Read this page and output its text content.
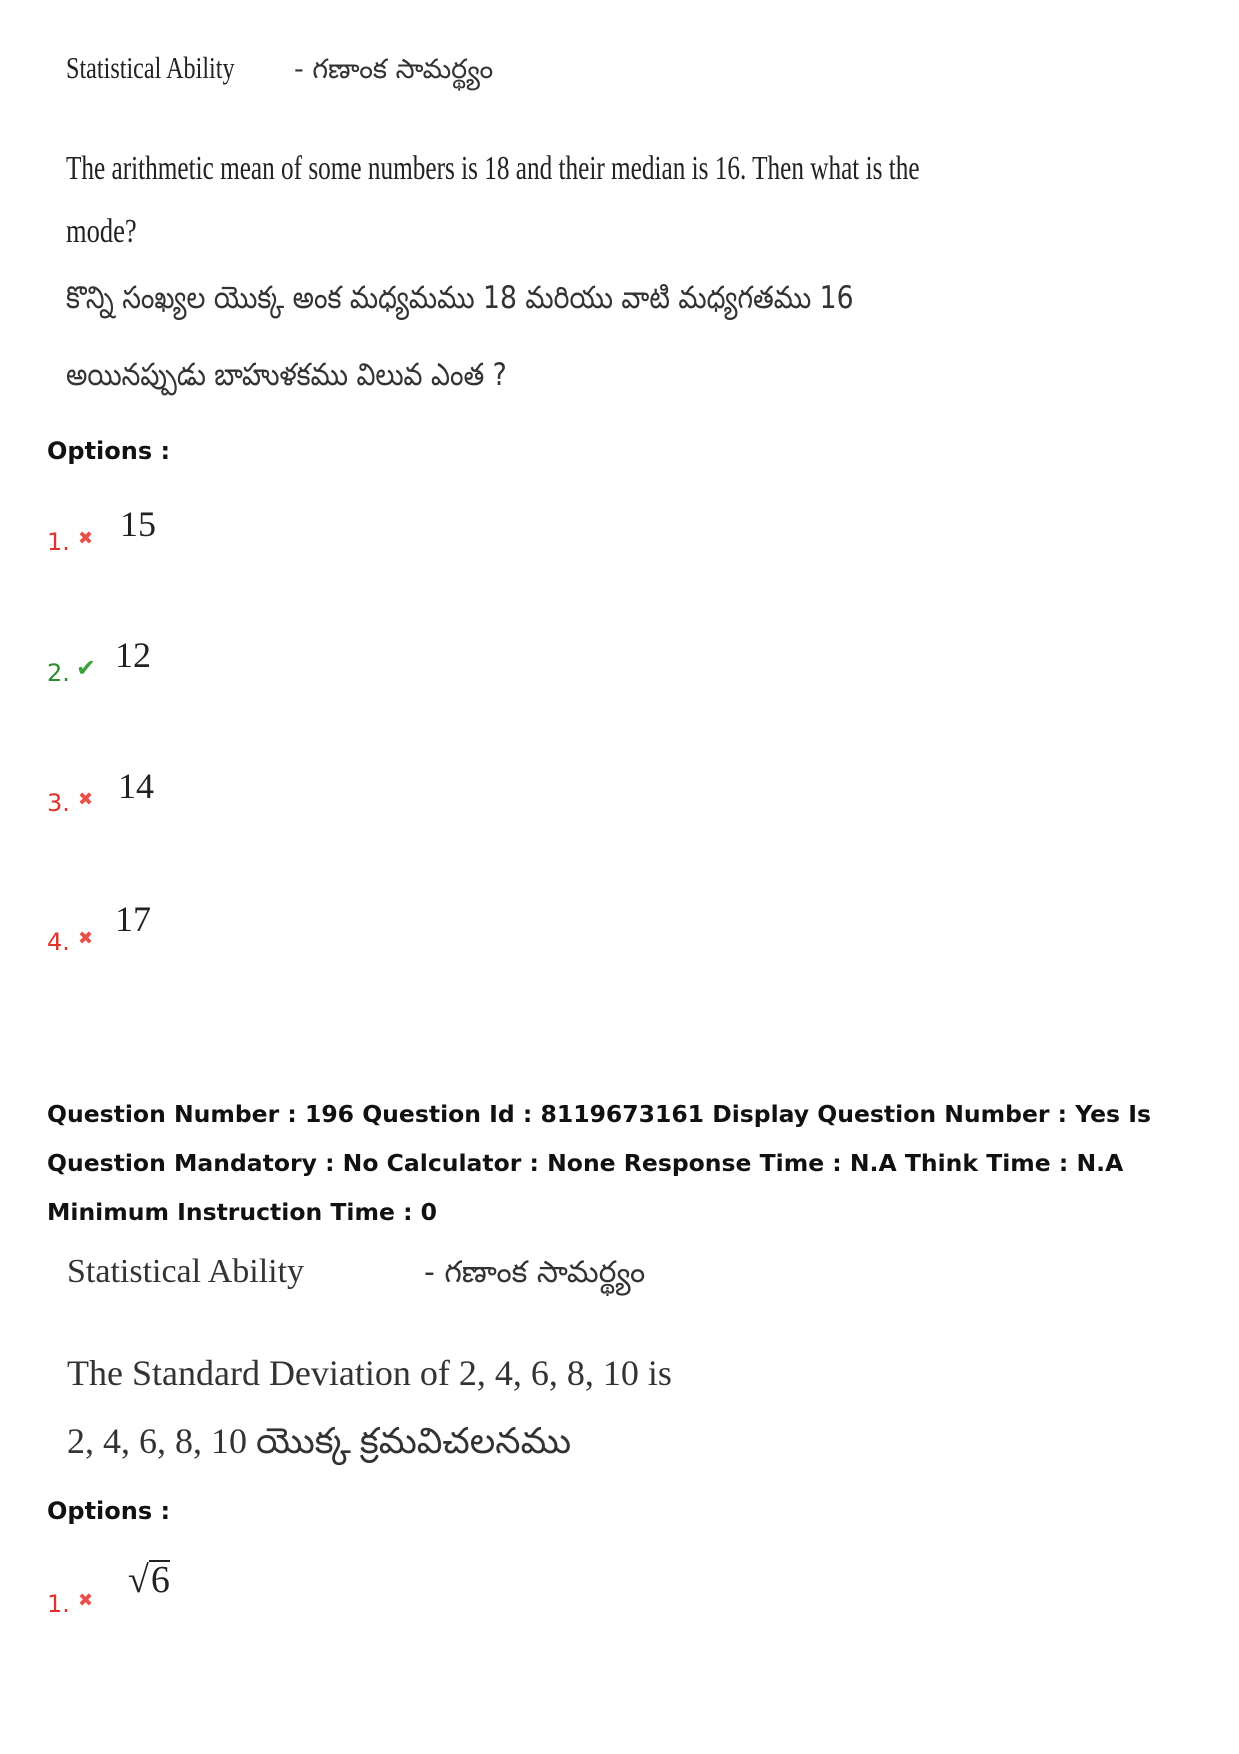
Statistical Ability - గణాంక సామర్థ్యం
The arithmetic mean of some numbers is 18 and their median is 16. Then what is the
mode?
కొన్ని సంఖ్యల యొక్క అంక మధ్యమము 18 మరియు వాటి మధ్యగతము 16
అయినప్పుడు బాహుళకము విలువ ఎంత ?
Options :
1. ✖ 15
2. ✔ 12
3. ✖ 14
4. ✖ 17
Question Number : 196 Question Id : 8119673161 Display Question Number : Yes Is Question Mandatory : No Calculator : None Response Time : N.A Think Time : N.A Minimum Instruction Time : 0
Statistical Ability	- గణాంక సామర్థ్యం
The Standard Deviation of 2, 4, 6, 8, 10 is
2, 4, 6, 8, 10 యొక్క క్రమవిచలనము
Options :
1. ✖ √6
